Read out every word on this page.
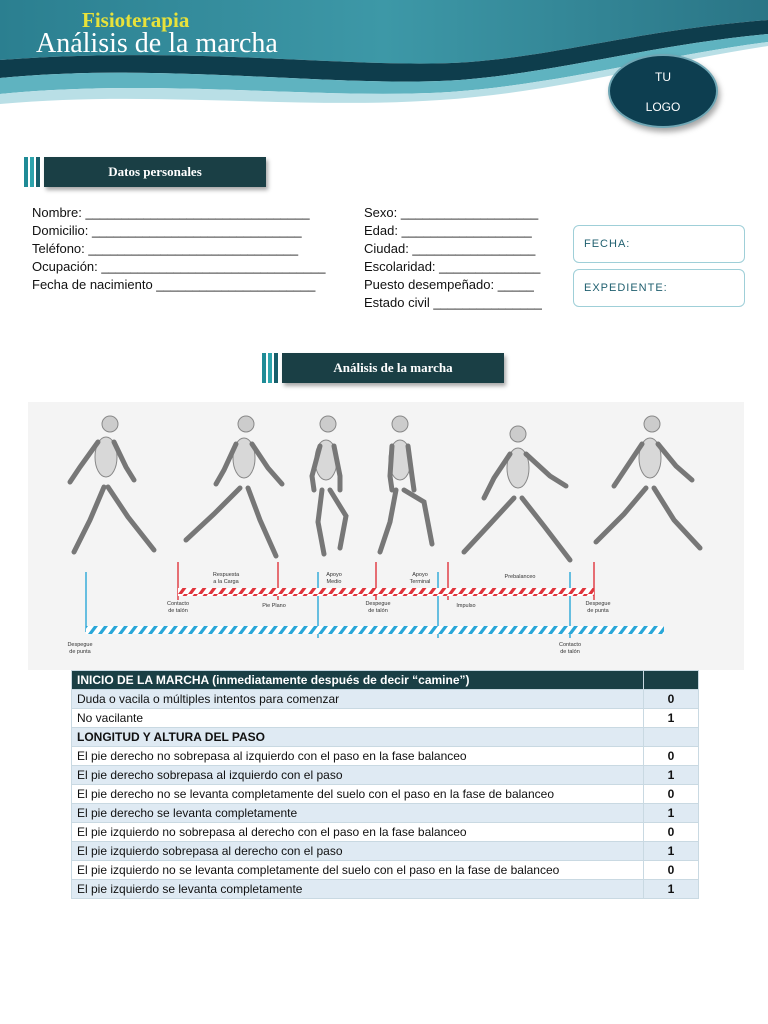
Fisioterapia
Análisis de la marcha
TU
LOGO
1
Datos personales
Nombre: _______________________________
Domicilio: _____________________________
Teléfono: _____________________________
Ocupación: _______________________________
Fecha de nacimiento ______________________
Sexo: ___________________
Edad: __________________
Ciudad: _________________
Escolaridad: ______________
Puesto desempeñado: _____
Estado civil _______________
FECHA:
EXPEDIENTE:
Análisis de la marcha
Respuesta
a la Carga
Apoyo
Medio
Apoyo
Terminal
Prebalanceo
Contacto
de talón
Pie Plano	Despegue
de talón
Impulso	Despegue
de punta
Despegue
de punta
Contacto
de talón
INICIO DE LA MARCHA (inmediatamente después de decir “camine”)	
Duda o vacila o múltiples intentos para comenzar	0
No vacilante	1
LONGITUD Y ALTURA DEL PASO	
El pie derecho no sobrepasa al izquierdo con el paso en la fase balanceo	0
El pie derecho sobrepasa al izquierdo con el paso	1
El pie derecho no se levanta completamente del suelo con el paso en la fase de balanceo	0
El pie derecho se levanta completamente	1
El pie izquierdo no sobrepasa al derecho con el paso en la fase balanceo	0
El pie izquierdo sobrepasa al derecho con el paso	1
El pie izquierdo no se levanta completamente del suelo con el paso en la fase de balanceo	0
El pie izquierdo se levanta completamente	1
